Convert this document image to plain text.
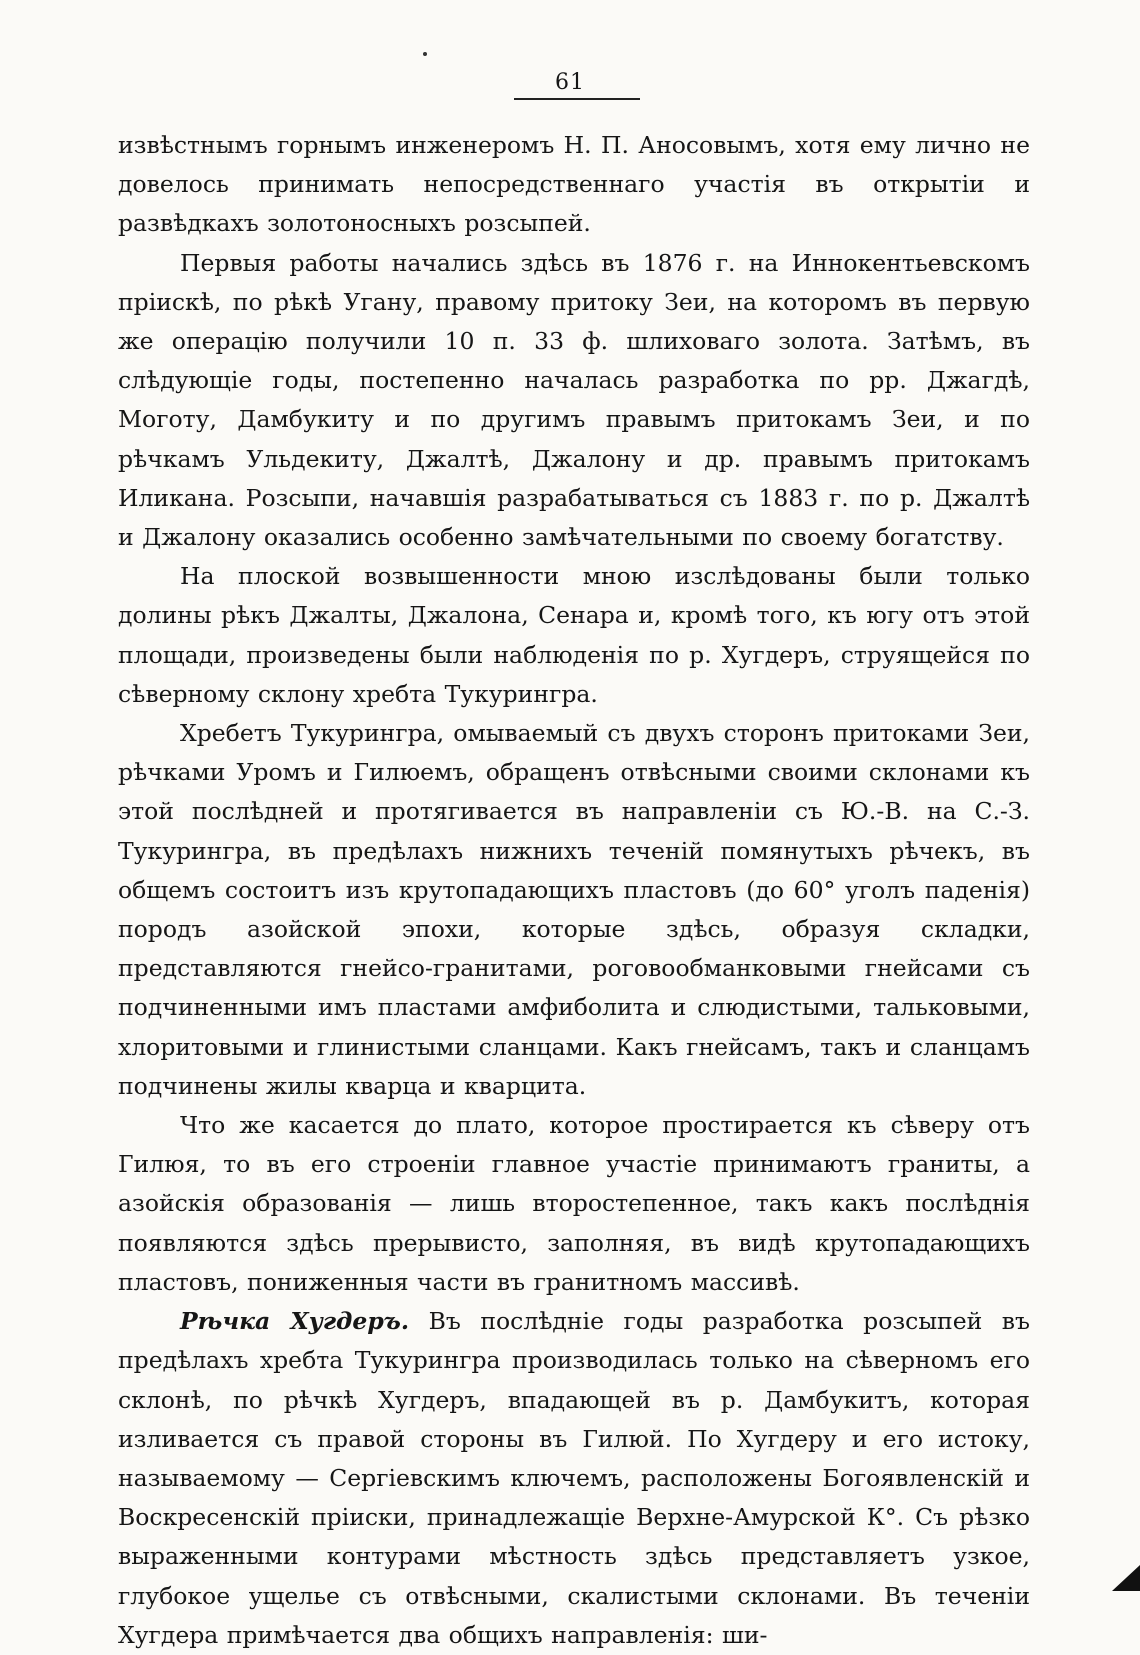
61

извѣстнымъ горнымъ инженеромъ Н. П. Аносовымъ, хотя ему лично не довелось принимать непосредственнаго участія въ открытіи и развѣдкахъ золотоносныхъ розсыпей.

Первыя работы начались здѣсь въ 1876 г. на Иннокентьевскомъ пріискѣ, по рѣкѣ Угану, правому притоку Зеи, на которомъ въ первую же операцію получили 10 п. 33 ф. шлиховаго золота. Затѣмъ, въ слѣдующіе годы, постепенно началась разработка по рр. Джагдѣ, Моготу, Дамбукиту и по другимъ правымъ притокамъ Зеи, и по рѣчкамъ Ульдекиту, Джалтѣ, Джалону и др. правымъ притокамъ Иликана. Розсыпи, начавшія разрабатываться съ 1883 г. по р. Джалтѣ и Джалону оказались особенно замѣчательными по своему богатству.

На плоской возвышенности мною изслѣдованы были только долины рѣкъ Джалты, Джалона, Сенара и, кромѣ того, къ югу отъ этой площади, произведены были наблюденія по р. Хугдеръ, струящейся по сѣверному склону хребта Тукурингра.

Хребетъ Тукурингра, омываемый съ двухъ сторонъ притоками Зеи, рѣчками Уромъ и Гилюемъ, обращенъ отвѣсными своими склонами къ этой послѣдней и протягивается въ направленіи съ Ю.-В. на С.-З. Тукурингра, въ предѣлахъ нижнихъ теченій помянутыхъ рѣчекъ, въ общемъ состоитъ изъ крутопадающихъ пластовъ (до 60° уголъ паденія) породъ азойской эпохи, которые здѣсь, образуя складки, представляются гнейсо-гранитами, роговообманковыми гнейсами съ подчиненными имъ пластами амфиболита и слюдистыми, тальковыми, хлоритовыми и глинистыми сланцами. Какъ гнейсамъ, такъ и сланцамъ подчинены жилы кварца и кварцита.

Что же касается до плато, которое простирается къ сѣверу отъ Гилюя, то въ его строеніи главное участіе принимаютъ граниты, а азойскія образованія — лишь второстепенное, такъ какъ послѣднія появляются здѣсь прерывисто, заполняя, въ видѣ крутопадающихъ пластовъ, пониженныя части въ гранитномъ массивѣ.

Рѣчка Хугдеръ. Въ послѣдніе годы разработка розсыпей въ предѣлахъ хребта Тукурингра производилась только на сѣверномъ его склонѣ, по рѣчкѣ Хугдеръ, впадающей въ р. Дамбукитъ, которая изливается съ правой стороны въ Гилюй. По Хугдеру и его истоку, называемому — Сергіевскимъ ключемъ, расположены Богоявленскій и Воскресенскій пріиски, принадлежащіе Верхне-Амурской К°. Съ рѣзко выраженными контурами мѣстность здѣсь представляетъ узкое, глубокое ущелье съ отвѣсными, скалистыми склонами. Въ теченіи Хугдера примѣчается два общихъ направленія: ши-
